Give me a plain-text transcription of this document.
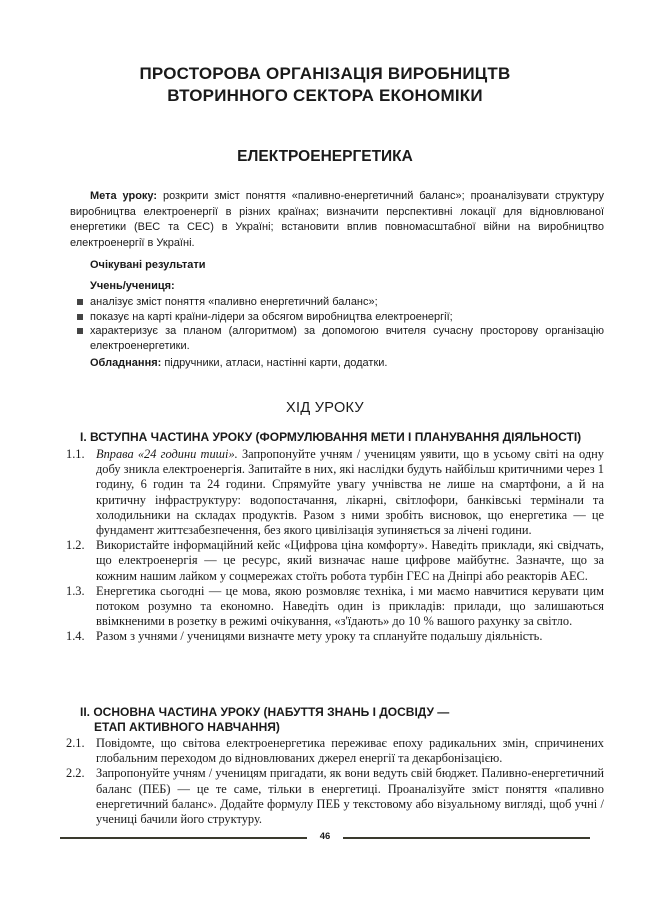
ПРОСТОРОВА ОРГАНІЗАЦІЯ ВИРОБНИЦТВ
ВТОРИННОГО СЕКТОРА ЕКОНОМІКИ
ЕЛЕКТРОЕНЕРГЕТИКА

Мета уроку: розкрити зміст поняття «паливно-енергетичний баланс»; проаналізувати структуру виробництва електроенергії в різних країнах; визначити перспективні локації для відновлюваної енергетики (ВЕС та СЕС) в Україні; встановити вплив повномасштабної війни на виробництво електроенергії в Україні.

Очікувані результати
Учень/учениця:

аналізує зміст поняття «паливно енергетичний баланс»;

показує на карті країни-лідери за обсягом виробництва електроенергії;

характеризує за планом (алгоритмом) за допомогою вчителя сучасну просторову організацію електроенергетики.

Обладнання: підручники, атласи, настінні карти, додатки.
ХІД УРОКУ
І. ВСТУПНА ЧАСТИНА УРОКУ (ФОРМУЛЮВАННЯ МЕТИ І ПЛАНУВАННЯ ДІЯЛЬНОСТІ)

1.1. Вправа «24 години тиші». Запропонуйте учням / ученицям уявити, що в усьому світі на одну добу зникла електроенергія. Запитайте в них, які наслідки будуть найбільш критичними через 1 годину, 6 годин та 24 години. Спрямуйте увагу учнівства не лише на смартфони, а й на критичну інфраструктуру: водопостачання, лікарні, світлофори, банківські термінали та холодильники на складах продуктів. Разом з ними зробіть висновок, що енергетика — це фундамент життєзабезпечення, без якого цивілізація зупиняється за лічені години.

1.2. Використайте інформаційний кейс «Цифрова ціна комфорту». Наведіть приклади, які свідчать, що електроенергія — це ресурс, який визначає наше цифрове майбутнє. Зазначте, що за кожним нашим лайком у соцмережах стоїть робота турбін ГЕС на Дніпрі або реакторів АЕС.

1.3. Енергетика сьогодні — це мова, якою розмовляє техніка, і ми маємо навчитися керувати цим потоком розумно та економно. Наведіть один із прикладів: прилади, що залишаються ввімкненими в розетку в режимі очікування, «з'їдають» до 10 % вашого рахунку за світло.

1.4. Разом з учнями / ученицями визначте мету уроку та сплануйте подальшу діяльність.

ІІ. ОСНОВНА ЧАСТИНА УРОКУ (НАБУТТЯ ЗНАНЬ І ДОСВІДУ —
ЕТАП АКТИВНОГО НАВЧАННЯ)

2.1. Повідомте, що світова електроенергетика переживає епоху радикальних змін, спричинених глобальним переходом до відновлюваних джерел енергії та декарбонізацією.

2.2. Запропонуйте учням / ученицям пригадати, як вони ведуть свій бюджет. Паливно-енергетичний баланс (ПЕБ) — це те саме, тільки в енергетиці. Проаналізуйте зміст поняття «паливно енергетичний баланс». Додайте формулу ПЕБ у текстовому або візуальному вигляді, щоб учні / учениці бачили його структуру.

46
